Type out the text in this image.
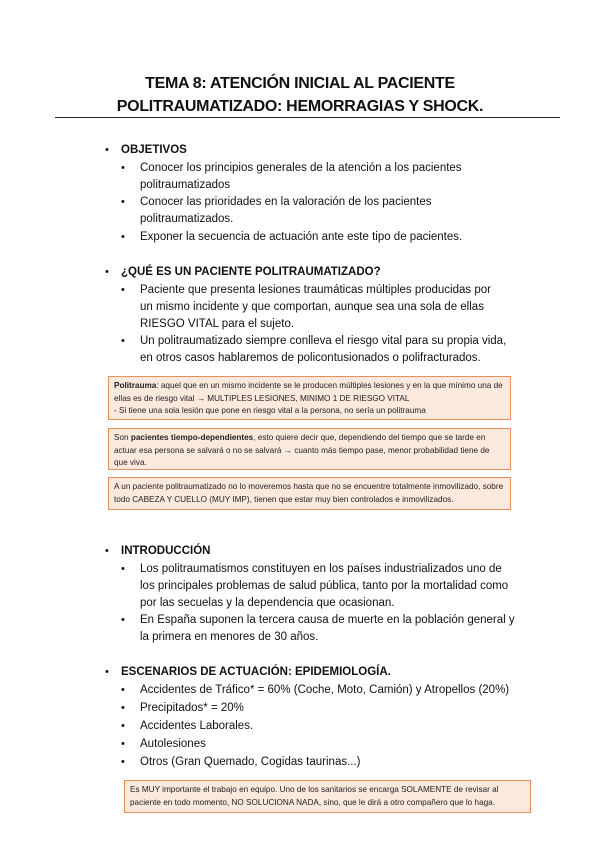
TEMA 8: ATENCIÓN INICIAL AL PACIENTE
POLITRAUMATIZADO: HEMORRAGIAS Y SHOCK.
• OBJETIVOS
• Conocer los principios generales de la atención a los pacientes politraumatizados
• Conocer las prioridades en la valoración de los pacientes politraumatizados.
• Exponer la secuencia de actuación ante este tipo de pacientes.
• ¿QUÉ ES UN PACIENTE POLITRAUMATIZADO?
• Paciente que presenta lesiones traumáticas múltiples producidas por un mismo incidente y que comportan, aunque sea una sola de ellas RIESGO VITAL para el sujeto.
• Un politraumatizado siempre conlleva el riesgo vital para su propia vida, en otros casos hablaremos de policontusionados o polifracturados.
Politrauma: aquel que en un mismo incidente se le producen múltiples lesiones y en la que mínimo una de ellas es de riesgo vital → MULTIPLES LESIONES, MINIMO 1 DE RIESGO VITAL
- Si tiene una sola lesión que pone en riesgo vital a la persona, no sería un politrauma
Son pacientes tiempo-dependientes, esto quiere decir que, dependiendo del tiempo que se tarde en actuar esa persona se salvará o no se salvará → cuanto más tiempo pase, menor probabilidad tiene de que viva.
A un paciente politraumatizado no lo moveremos hasta que no se encuentre totalmente inmovilizado, sobre todo CABEZA Y CUELLO (MUY IMP), tienen que estar muy bien controlados e inmovilizados.
• INTRODUCCIÓN
• Los politraumatismos constituyen en los países industrializados uno de los principales problemas de salud pública, tanto por la mortalidad como por las secuelas y la dependencia que ocasionan.
• En España suponen la tercera causa de muerte en la población general y la primera en menores de 30 años.
• ESCENARIOS DE ACTUACIÓN: EPIDEMIOLOGÍA.
• Accidentes de Tráfico* = 60% (Coche, Moto, Camión) y Atropellos (20%)
• Precipitados* = 20%
• Accidentes Laborales.
• Autolesiones
• Otros (Gran Quemado, Cogidas taurinas...)
Es MUY importante el trabajo en equipo. Uno de los sanitarios se encarga SOLAMENTE de revisar al paciente en todo momento, NO SOLUCIONA NADA, sino, que le dirá a otro compañero que lo haga.
